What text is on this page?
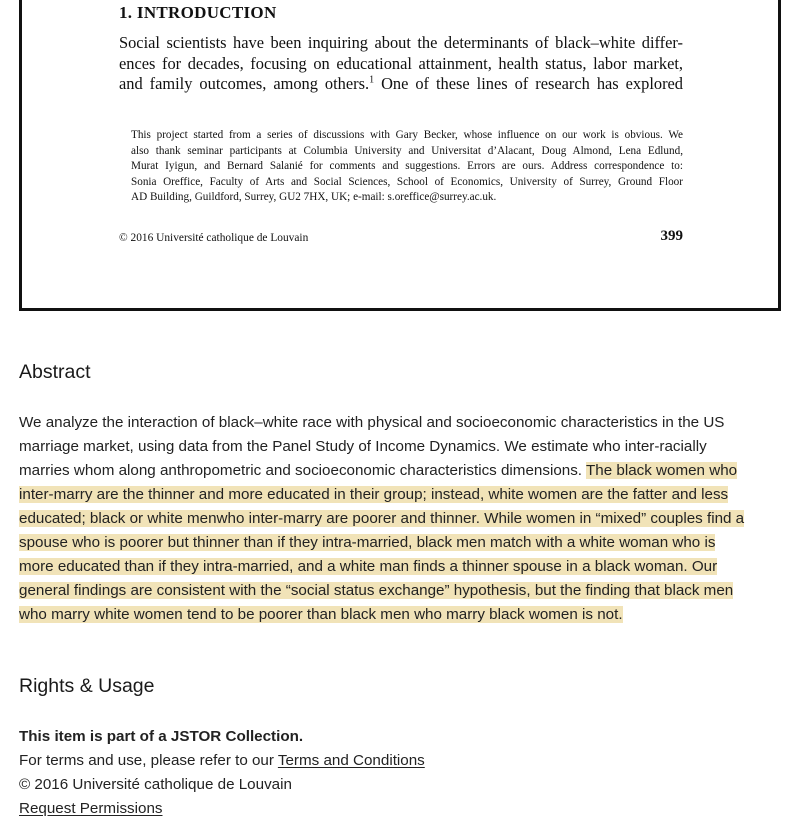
1. INTRODUCTION
Social scientists have been inquiring about the determinants of black–white differ-
ences for decades, focusing on educational attainment, health status, labor market,
and family outcomes, among others.$^1$ One of these lines of research has explored
This project started from a series of discussions with Gary Becker, whose influence on our work is obvious. We
also thank seminar participants at Columbia University and Universitat d’Alacant, Doug Almond, Lena Edlund,
Murat Iyigun, and Bernard Salanié for comments and suggestions. Errors are ours. Address correspondence to:
Sonia Oreffice, Faculty of Arts and Social Sciences, School of Economics, University of Surrey, Ground Floor
AD Building, Guildford, Surrey, GU2 7HX, UK; e-mail: s.oreffice@surrey.ac.uk.
© 2016 Université catholique de Louvain	399
Abstract
We analyze the interaction of black–white race with physical and socioeconomic characteristics in the US
marriage market, using data from the Panel Study of Income Dynamics. We estimate who inter-racially
marries whom along anthropometric and socioeconomic characteristics dimensions. The black women who
inter-marry are the thinner and more educated in their group; instead, white women are the fatter and less
educated; black or white menwho inter-marry are poorer and thinner. While women in “mixed” couples find a
spouse who is poorer but thinner than if they intra-married, black men match with a white woman who is
more educated than if they intra-married, and a white man finds a thinner spouse in a black woman. Our
general findings are consistent with the “social status exchange” hypothesis, but the finding that black men
who marry white women tend to be poorer than black men who marry black women is not.
Rights & Usage
This item is part of a JSTOR Collection.
For terms and use, please refer to our Terms and Conditions
© 2016 Université catholique de Louvain
Request Permissions
